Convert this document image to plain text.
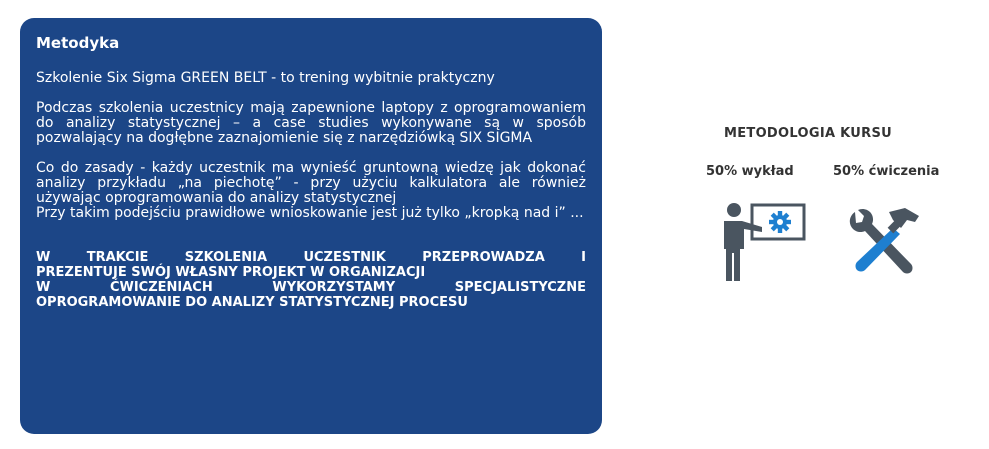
Metodyka

Szkolenie Six Sigma GREEN BELT - to trening wybitnie praktyczny

Podczas szkolenia uczestnicy mają zapewnione laptopy z oprogramowaniem do analizy statystycznej – a case studies wykonywane są w sposób pozwalający na dogłębne zaznajomienie się z narzędziówką SIX SIGMA

Co do zasady - każdy uczestnik ma wynieść gruntowną wiedzę jak dokonać analizy przykładu „na piechotę” - przy użyciu kalkulatora ale również używając oprogramowania do analizy statystycznej

Przy takim podejściu prawidłowe wnioskowanie jest już tylko „kropką nad i” ...

W TRAKCIE SZKOLENIA UCZESTNIK PRZEPROWADZA I
PREZENTUJE SWÓJ WŁASNY PROJEKT W ORGANIZACJI
W ĆWICZENIACH WYKORZYSTAMY SPECJALISTYCZNE
OPROGRAMOWANIE DO ANALIZY STATYSTYCZNEJ PROCESU
METODOLOGIA KURSU
50% wykład	50% ćwiczenia
